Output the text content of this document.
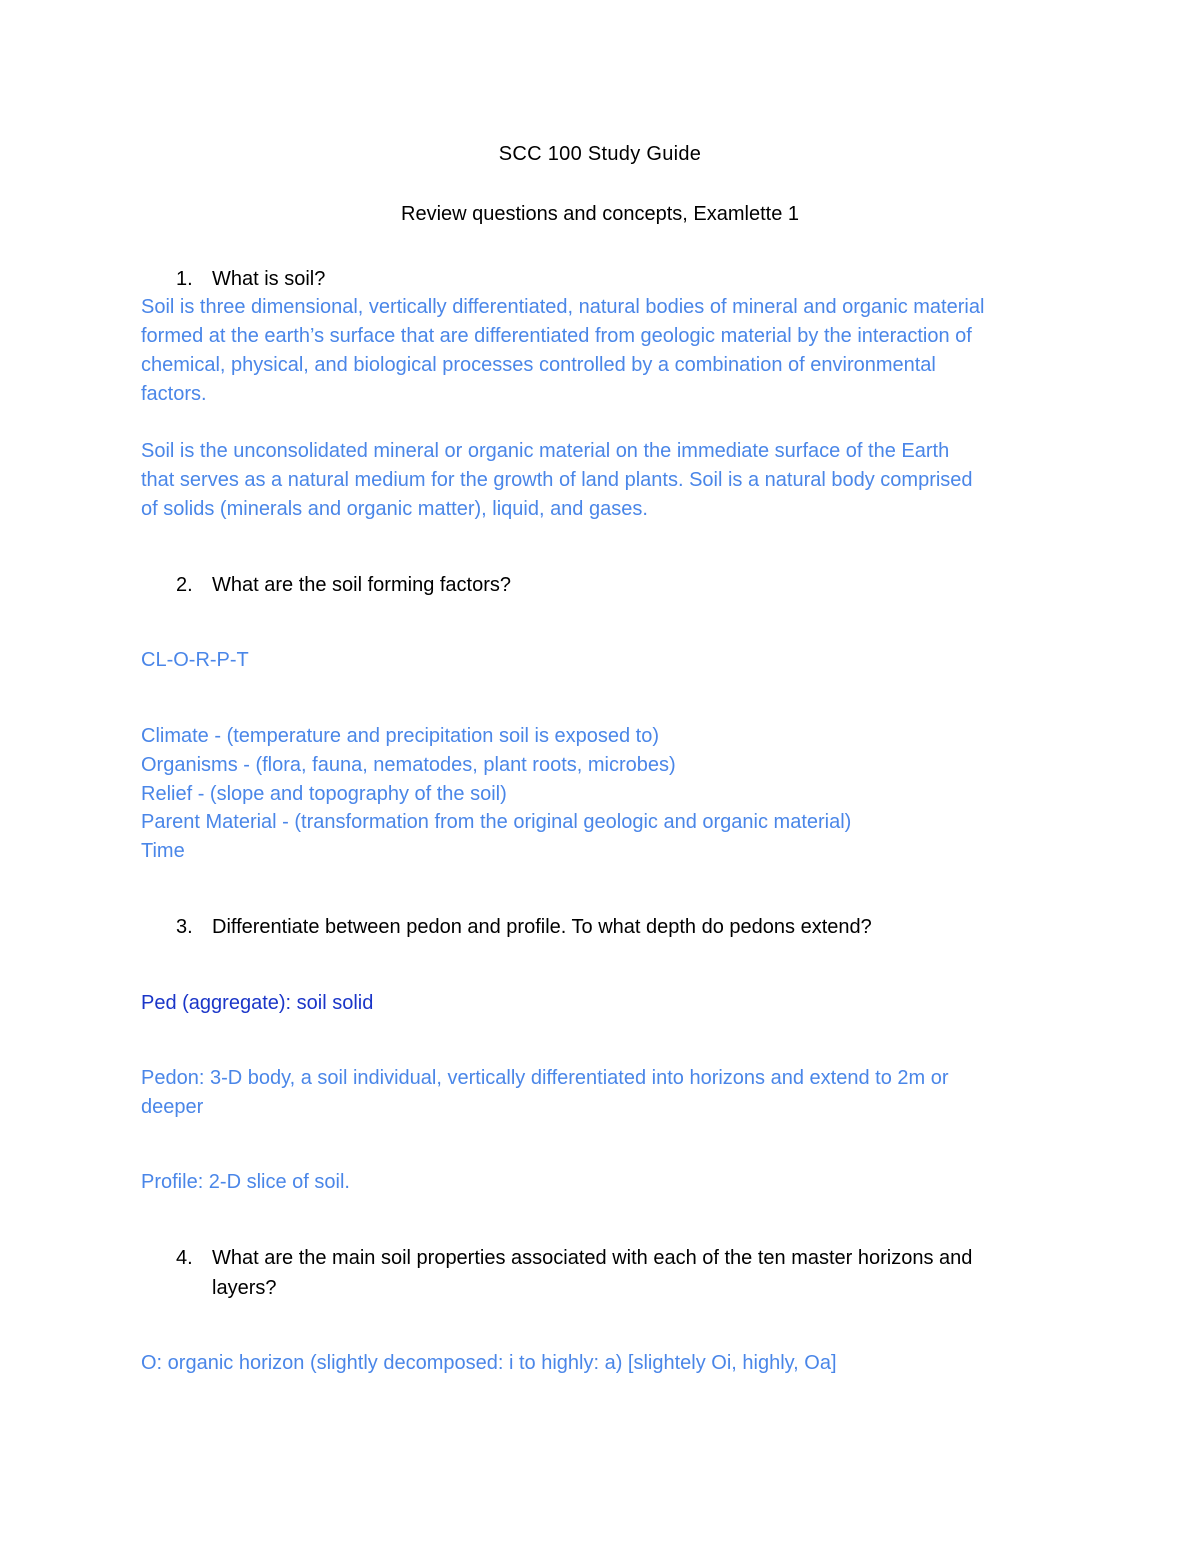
SCC 100 Study Guide
Review questions and concepts, Examlette 1
1. What is soil?
Soil is three dimensional, vertically differentiated, natural bodies of mineral and organic material
formed at the earth’s surface that are differentiated from geologic material by the interaction of
chemical, physical, and biological processes controlled by a combination of environmental
factors.
Soil is the unconsolidated mineral or organic material on the immediate surface of the Earth
that serves as a natural medium for the growth of land plants. Soil is a natural body comprised
of solids (minerals and organic matter), liquid, and gases.
2. What are the soil forming factors?
CL-O-R-P-T
Climate - (temperature and precipitation soil is exposed to)
Organisms - (flora, fauna, nematodes, plant roots, microbes)
Relief - (slope and topography of the soil)
Parent Material - (transformation from the original geologic and organic material)
Time
3. Differentiate between pedon and profile. To what depth do pedons extend?
Ped (aggregate): soil solid
Pedon: 3-D body, a soil individual, vertically differentiated into horizons and extend to 2m or
deeper
Profile: 2-D slice of soil.
4. What are the main soil properties associated with each of the ten master horizons and
layers?
O: organic horizon (slightly decomposed: i to highly: a) [slightely Oi, highly, Oa]
